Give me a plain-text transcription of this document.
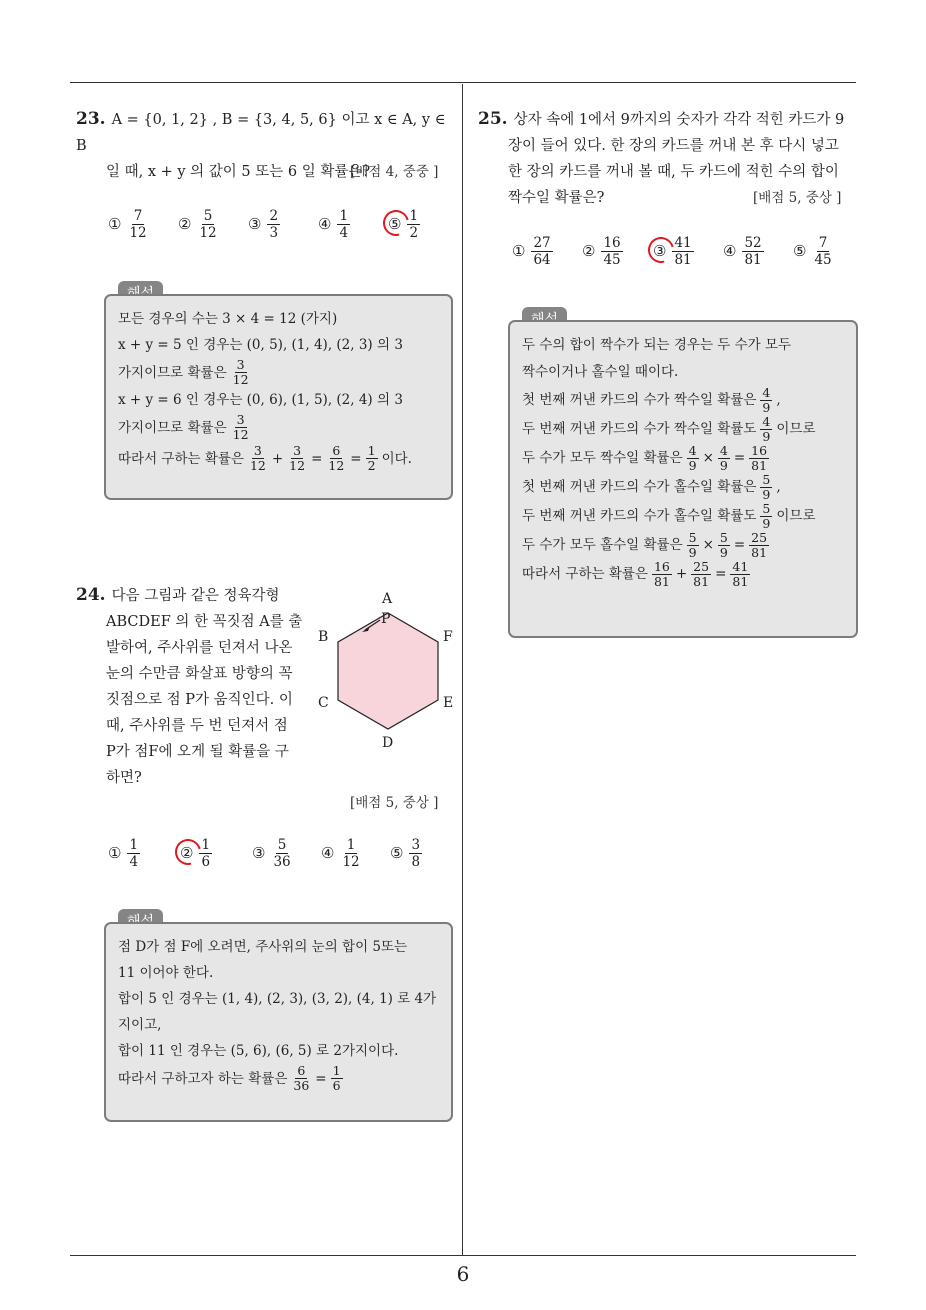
6
23. A = {0, 1, 2} , B = {3, 4, 5, 6} 이고 x ∈ A, y ∈ B
일 때, x + y 의 값이 5 또는 6 일 확률은?
[배점 4, 중중 ]
① $\frac{7}{12}$ ② $\frac{5}{12}$ ③ $\frac{2}{3}$	④ $\frac{1}{4}$	⑤ $\frac{1}{2}$
모든 경우의 수는 3 × 4 = 12 (가지)
x + y = 5 인 경우는 (0, 5), (1, 4), (2, 3) 의 3
가지이므로 확률은 $\frac{3}{12}$
x + y = 6 인 경우는 (0, 6), (1, 5), (2, 4) 의 3
가지이므로 확률은 $\frac{3}{12}$
따라서 구하는 확률은 $\frac{3}{12} + \frac{3}{12} = \frac{6}{12} = \frac{1}{2}$ 이다.
24. 다음 그림과 같은 정육각형
ABCDEF 의 한 꼭짓점 A를 출
발하여, 주사위를 던져서 나온
눈의 수만큼 화살표 방향의 꼭
짓점으로 점 P가 움직인다. 이
때, 주사위를 두 번 던져서 점
P가 점F에 오게 될 확률을 구
하면?
A
P
B	F
C	E
D
[배점 5, 중상 ]
① $\frac{1}{4}$	② $\frac{1}{6}$	③ $\frac{5}{36}$ ④ $\frac{1}{12}$ ⑤ $\frac{3}{8}$
점 D가 점 F에 오려면, 주사위의 눈의 합이 5또는
11 이어야 한다.
합이 5 인 경우는 (1, 4), (2, 3), (3, 2), (4, 1) 로 4가
지이고,
합이 11 인 경우는 (5, 6), (6, 5) 로 2가지이다.
따라서 구하고자 하는 확률은 $\frac{6}{36} = \frac{1}{6}$
25. 상자 속에 1에서 9까지의 숫자가 각각 적힌 카드가 9
장이 들어 있다. 한 장의 카드를 꺼내 본 후 다시 넣고
한 장의 카드를 꺼내 볼 때, 두 카드에 적힌 수의 합이
짝수일 확률은?	[배점 5, 중상 ]
① $\frac{27}{64}$ ② $\frac{16}{45}$ ③ $\frac{41}{81}$ ④ $\frac{52}{81}$ ⑤ $\frac{7}{45}$
두 수의 합이 짝수가 되는 경우는 두 수가 모두
짝수이거나 홀수일 때이다.
첫 번째 꺼낸 카드의 수가 짝수일 확률은 $\frac{4}{9}$ ,
두 번째 꺼낸 카드의 수가 짝수일 확률도 $\frac{4}{9}$ 이므로
두 수가 모두 짝수일 확률은 $\frac{4}{9} \times \frac{4}{9} = \frac{16}{81}$
첫 번째 꺼낸 카드의 수가 홀수일 확률은 $\frac{5}{9}$ ,
두 번째 꺼낸 카드의 수가 홀수일 확률도 $\frac{5}{9}$ 이므로
두 수가 모두 홀수일 확률은 $\frac{5}{9} \times \frac{5}{9} = \frac{25}{81}$
따라서 구하는 확률은 $\frac{16}{81} + \frac{25}{81} = \frac{41}{81}$
